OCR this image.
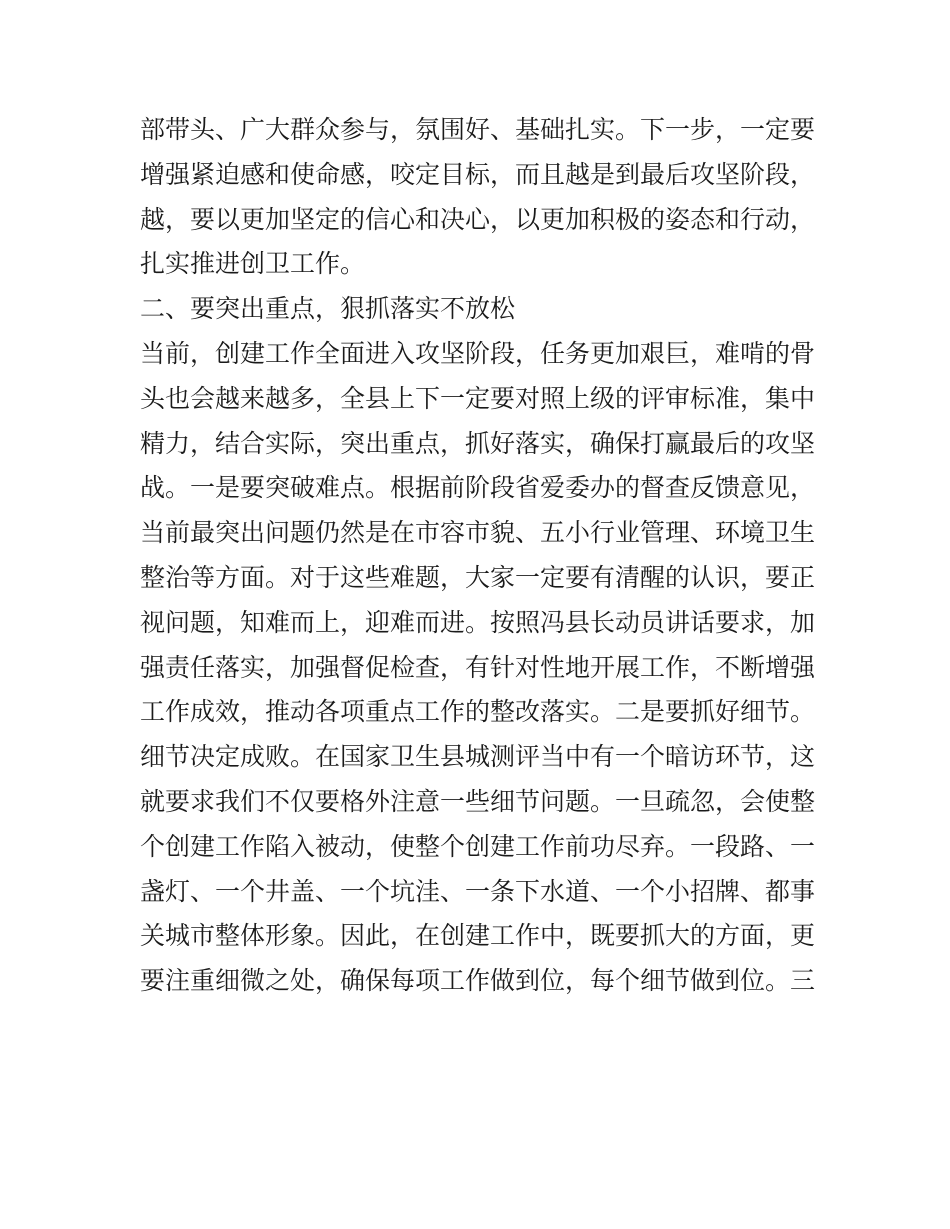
部带头、广大群众参与，氛围好、基础扎实。下一步，一定要
增强紧迫感和使命感，咬定目标，而且越是到最后攻坚阶段，
越，要以更加坚定的信心和决心，以更加积极的姿态和行动，
扎实推进创卫工作。
二、要突出重点，狠抓落实不放松
当前，创建工作全面进入攻坚阶段，任务更加艰巨，难啃的骨
头也会越来越多，全县上下一定要对照上级的评审标准，集中
精力，结合实际，突出重点，抓好落实，确保打赢最后的攻坚
战。一是要突破难点。根据前阶段省爱委办的督查反馈意见，
当前最突出问题仍然是在市容市貌、五小行业管理、环境卫生
整治等方面。对于这些难题，大家一定要有清醒的认识，要正
视问题，知难而上，迎难而进。按照冯县长动员讲话要求，加
强责任落实，加强督促检查，有针对性地开展工作，不断增强
工作成效，推动各项重点工作的整改落实。二是要抓好细节。
细节决定成败。在国家卫生县城测评当中有一个暗访环节，这
就要求我们不仅要格外注意一些细节问题。一旦疏忽，会使整
个创建工作陷入被动，使整个创建工作前功尽弃。一段路、一
盏灯、一个井盖、一个坑洼、一条下水道、一个小招牌、都事
关城市整体形象。因此，在创建工作中，既要抓大的方面，更
要注重细微之处，确保每项工作做到位，每个细节做到位。三
